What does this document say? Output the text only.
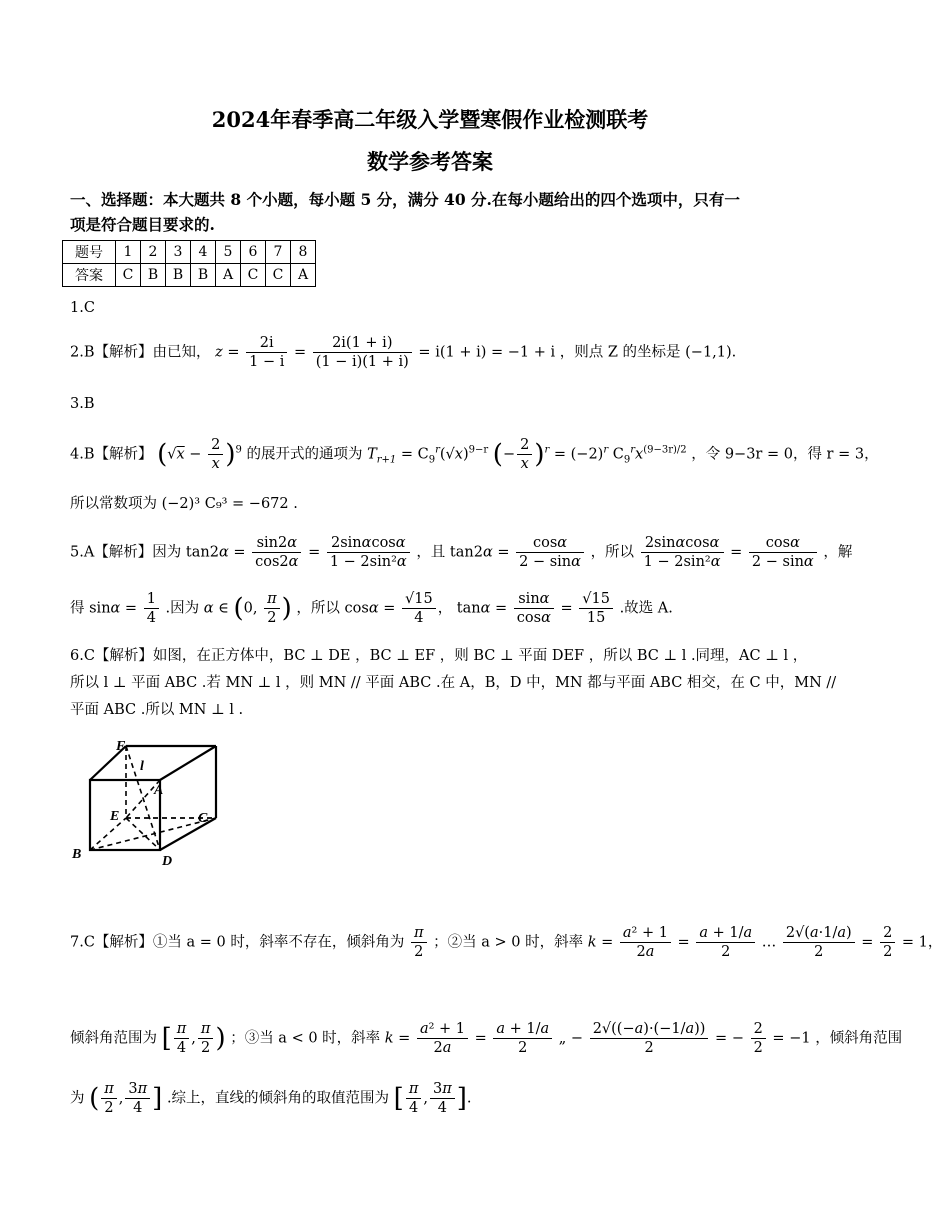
2024年春季高二年级入学暨寒假作业检测联考
数学参考答案
一、选择题：本大题共 8 个小题，每小题 5 分，满分 40 分.在每小题给出的四个选项中，只有一
项是符合题目要求的.
题号	1	2	3	4	5	6	7	8
答案	C	B	B	B	A	C	C	A
1.C
2.B【解析】由已知， $z = \frac{2i}{1 - i} = \frac{2i(1 + i)}{(1 - i)(1 + i)} = i(1 + i) = -1 + i$ ，则点 Z 的坐标是 (−1,1).
3.B
4.B【解析】 $(√x - \frac{2}{x} )^9$ 的展开式的通项为 $T_{r+1} = C_9^r(√x)^{9-r}$ (− $\frac{2}{x} )^r = (-2)^r$ $C_9^rx^{(9-3r)/2}$ ，令 9−3r = 0，得 r = 3，
所以常数项为 (−2)³ C₉³ = −672 .
5.A【解析】因为 $\tan 2\alpha = \frac{\sin 2\alpha}{\cos 2\alpha} = \frac{2\sin\alpha\cos\alpha}{\text{1 − 2sin²α}}$ ，且 $\tan 2\alpha = \frac{\cos\alpha}{2 - \sin\alpha}$ ，所以 $\frac{2\sin\alpha\cos\alpha}{\text{1 − 2sin²α}} = \frac{\cos\alpha}{2 - \sin\alpha}$ ，解
得 $\sin\alpha = \frac{1}{4}$ .因为 α ∈ (0, $\frac{\pi}{2}$ ) ，所以 $\cos\alpha = \frac{√15}{4}$ ， $\tan\alpha = \frac{\sin\alpha}{\cos\alpha} = \frac{√15}{15}$ .故选 A.
6.C【解析】如图，在正方体中，BC ⊥ DE ，BC ⊥ EF ，则 BC ⊥ 平面 DEF ，所以 BC ⊥ l .同理，AC ⊥ l ，
所以 l ⊥ 平面 ABC .若 MN ⊥ l ，则 MN // 平面 ABC .在 A，B，D 中，MN 都与平面 ABC 相交，在 C 中，MN //
平面 ABC .所以 MN ⊥ l .
F
l
A
E	C
B	D
7.C【解析】①当 a = 0 时，斜率不存在，倾斜角为 $\frac{\pi}{2}$ ；②当 a > 0 时，斜率 $k = \frac{\text{a² + 1}}{2a} = \frac{a + 1/a}{2}$ … $\frac{2√(a\cdot 1/a)}{2} = \frac{2}{2} = 1$，
倾斜角范围为 [ $\frac{\pi}{4}$ , $\frac{\pi}{2}$ ) ；③当 a < 0 时，斜率 $k = \frac{\text{a² + 1}}{2a} = \frac{a + 1/a}{2}$ „ − $\frac{2√((-a)\cdot(-1/a))}{2}$ = − $\frac{2}{2} = -1$ ，倾斜角范围
为 ( $\frac{\pi}{2}$ , $\frac{3\pi}{4}$ ] .综上，直线的倾斜角的取值范围为 [ $\frac{\pi}{4}$ , $\frac{3\pi}{4}$ ].
